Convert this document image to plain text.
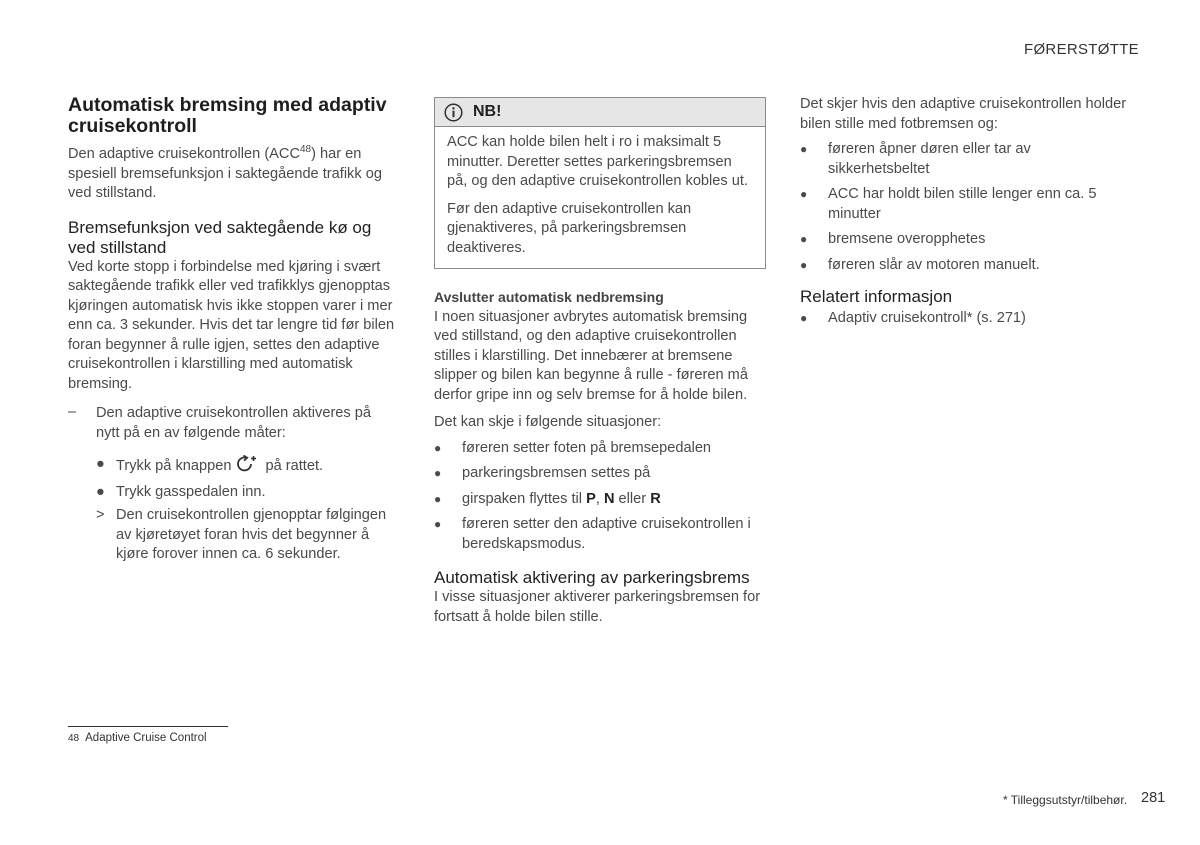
FØRERSTØTTE
Automatisk bremsing med adaptiv cruisekontroll

Den adaptive cruisekontrollen (ACC$^{48}$) har en spesiell bremsefunksjon i saktegående trafikk og ved stillstand.

Bremsefunksjon ved saktegående kø og ved stillstand

Ved korte stopp i forbindelse med kjøring i svært saktegående trafikk eller ved trafikklys gjenopptas kjøringen automatisk hvis ikke stoppen varer i mer enn ca. 3 sekunder. Hvis det tar lengre tid før bilen foran begynner å rulle igjen, settes den adaptive cruisekontrollen i klarstilling med automatisk bremsing.

– Den adaptive cruisekontrollen aktiveres på nytt på en av følgende måter:
● Trykk på knappen på rattet.
● Trykk gasspedalen inn.
> Den cruisekontrollen gjenopptar følgingen av kjøretøyet foran hvis det begynner å kjøre forover innen ca. 6 sekunder.
NB!

ACC kan holde bilen helt i ro i maksimalt 5 minutter. Deretter settes parkeringsbremsen på, og den adaptive cruisekontrollen kobles ut.

Før den adaptive cruisekontrollen kan gjenaktiveres, på parkeringsbremsen deaktiveres.

Avslutter automatisk nedbremsing

I noen situasjoner avbrytes automatisk bremsing ved stillstand, og den adaptive cruisekontrollen stilles i klarstilling. Det innebærer at bremsene slipper og bilen kan begynne å rulle - føreren må derfor gripe inn og selv bremse for å holde bilen.

Det kan skje i følgende situasjoner:

● føreren setter foten på bremsepedalen
● parkeringsbremsen settes på
● girspaken flyttes til P, N eller R
● føreren setter den adaptive cruisekontrollen i beredskapsmodus.
Automatisk aktivering av parkeringsbrems

I visse situasjoner aktiverer parkeringsbremsen for fortsatt å holde bilen stille.

Det skjer hvis den adaptive cruisekontrollen holder bilen stille med fotbremsen og:

● føreren åpner døren eller tar av sikkerhetsbeltet
● ACC har holdt bilen stille lenger enn ca. 5 minutter
● bremsene overopphetes
● føreren slår av motoren manuelt.
Relatert informasjon
● Adaptiv cruisekontroll* (s. 271)
48 Adaptive Cruise Control
* Tilleggsutstyr/tilbehør. 281
